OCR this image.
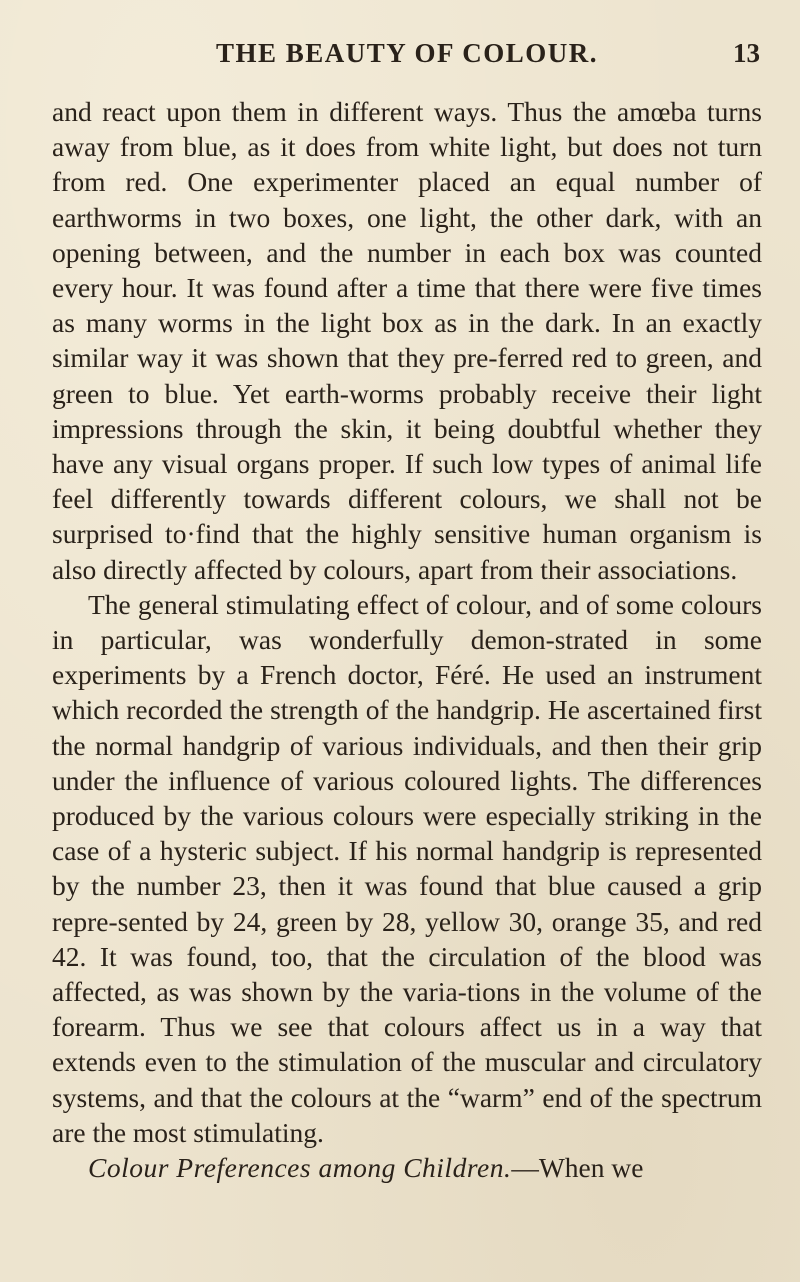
THE BEAUTY OF COLOUR.	13

and react upon them in different ways. Thus the amœba turns away from blue, as it does from white light, but does not turn from red. One experimenter placed an equal number of earthworms in two boxes, one light, the other dark, with an opening between, and the number in each box was counted every hour. It was found after a time that there were five times as many worms in the light box as in the dark. In an exactly similar way it was shown that they pre-ferred red to green, and green to blue. Yet earth-worms probably receive their light impressions through the skin, it being doubtful whether they have any visual organs proper. If such low types of animal life feel differently towards different colours, we shall not be surprised to·find that the highly sensitive human organism is also directly affected by colours, apart from their associations.

The general stimulating effect of colour, and of some colours in particular, was wonderfully demon-strated in some experiments by a French doctor, Féré. He used an instrument which recorded the strength of the handgrip. He ascertained first the normal handgrip of various individuals, and then their grip under the influence of various coloured lights. The differences produced by the various colours were especially striking in the case of a hysteric subject. If his normal handgrip is represented by the number 23, then it was found that blue caused a grip repre-sented by 24, green by 28, yellow 30, orange 35, and red 42. It was found, too, that the circulation of the blood was affected, as was shown by the varia-tions in the volume of the forearm. Thus we see that colours affect us in a way that extends even to the stimulation of the muscular and circulatory systems, and that the colours at the “warm” end of the spectrum are the most stimulating.

Colour Preferences among Children.—When we
